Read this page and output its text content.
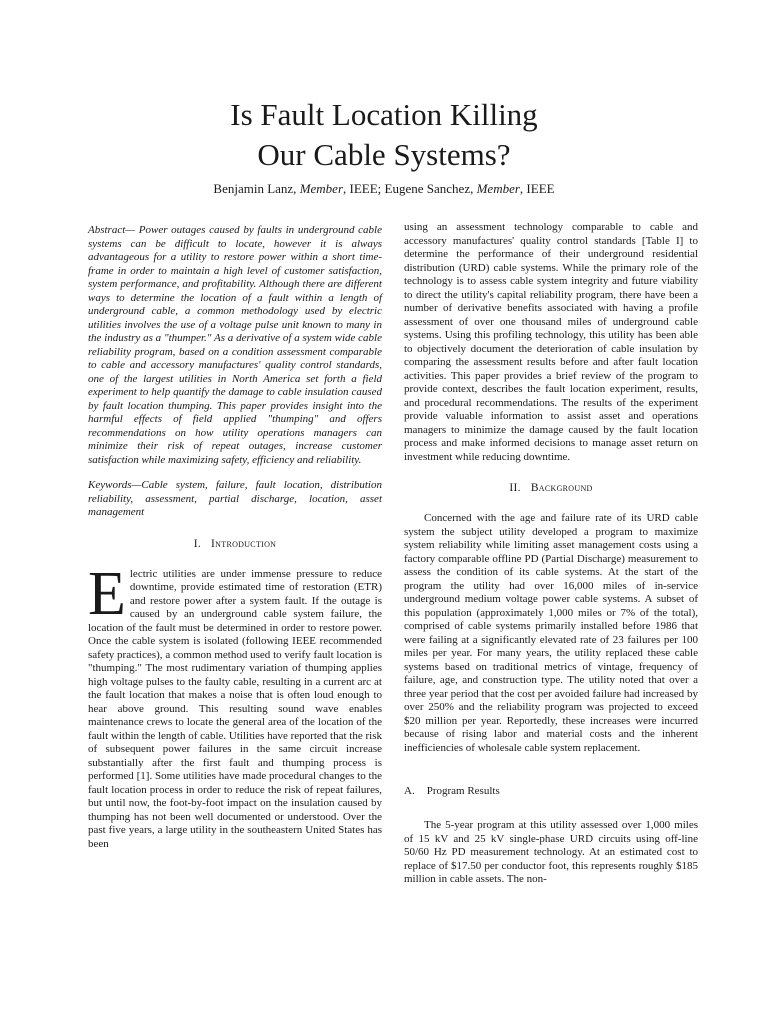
Is Fault Location Killing
Our Cable Systems?
Benjamin Lanz, Member, IEEE; Eugene Sanchez, Member, IEEE

Abstract— Power outages caused by faults in underground cable systems can be difficult to locate, however it is always advantageous for a utility to restore power within a short time-frame in order to maintain a high level of customer satisfaction, system performance, and profitability. Although there are different ways to determine the location of a fault within a length of underground cable, a common methodology used by electric utilities involves the use of a voltage pulse unit known to many in the industry as a "thumper." As a derivative of a system wide cable reliability program, based on a condition assessment comparable to cable and accessory manufactures' quality control standards, one of the largest utilities in North America set forth a field experiment to help quantify the damage to cable insulation caused by fault location thumping. This paper provides insight into the harmful effects of field applied "thumping" and offers recommendations on how utility operations managers can minimize their risk of repeat outages, increase customer satisfaction while maximizing safety, efficiency and reliability.

Keywords—Cable system, failure, fault location, distribution reliability, assessment, partial discharge, location, asset management

I. Introduction

Electric utilities are under immense pressure to reduce downtime, provide estimated time of restoration (ETR) and restore power after a system fault. If the outage is caused by an underground cable system failure, the location of the fault must be determined in order to restore power. Once the cable system is isolated (following IEEE recommended safety practices), a common method used to verify fault location is "thumping." The most rudimentary variation of thumping applies high voltage pulses to the faulty cable, resulting in a current arc at the fault location that makes a noise that is often loud enough to hear above ground. This resulting sound wave enables maintenance crews to locate the general area of the location of the fault within the length of cable. Utilities have reported that the risk of subsequent power failures in the same circuit increase substantially after the first fault and thumping process is performed [1]. Some utilities have made procedural changes to the fault location process in order to reduce the risk of repeat failures, but until now, the foot-by-foot impact on the insulation caused by thumping has not been well documented or understood. Over the past five years, a large utility in the southeastern United States has been

using an assessment technology comparable to cable and accessory manufactures' quality control standards [Table I] to determine the performance of their underground residential distribution (URD) cable systems. While the primary role of the technology is to assess cable system integrity and future viability to direct the utility's capital reliability program, there have been a number of derivative benefits associated with having a profile assessment of over one thousand miles of underground cable systems. Using this profiling technology, this utility has been able to objectively document the deterioration of cable insulation by comparing the assessment results before and after fault location activities. This paper provides a brief review of the program to provide context, describes the fault location experiment, results, and procedural recommendations. The results of the experiment provide valuable information to assist asset and operations managers to minimize the damage caused by the fault location process and make informed decisions to manage asset return on investment while reducing downtime.

II. Background

Concerned with the age and failure rate of its URD cable system the subject utility developed a program to maximize system reliability while limiting asset management costs using a factory comparable offline PD (Partial Discharge) measurement to assess the condition of its cable systems. At the start of the program the utility had over 16,000 miles of in-service underground medium voltage power cable systems. A subset of this population (approximately 1,000 miles or 7% of the total), comprised of cable systems primarily installed before 1986 that were failing at a significantly elevated rate of 23 failures per 100 miles per year. For many years, the utility replaced these cable systems based on traditional metrics of vintage, frequency of failure, age, and construction type. The utility noted that over a three year period that the cost per avoided failure had increased by over 250% and the reliability program was projected to exceed $20 million per year. Reportedly, these increases were incurred because of rising labor and material costs and the inherent inefficiencies of wholesale cable system replacement.

A. Program Results

The 5-year program at this utility assessed over 1,000 miles of 15 kV and 25 kV single-phase URD circuits using off-line 50/60 Hz PD measurement technology. At an estimated cost to replace of $17.50 per conductor foot, this represents roughly $185 million in cable assets. The non-
